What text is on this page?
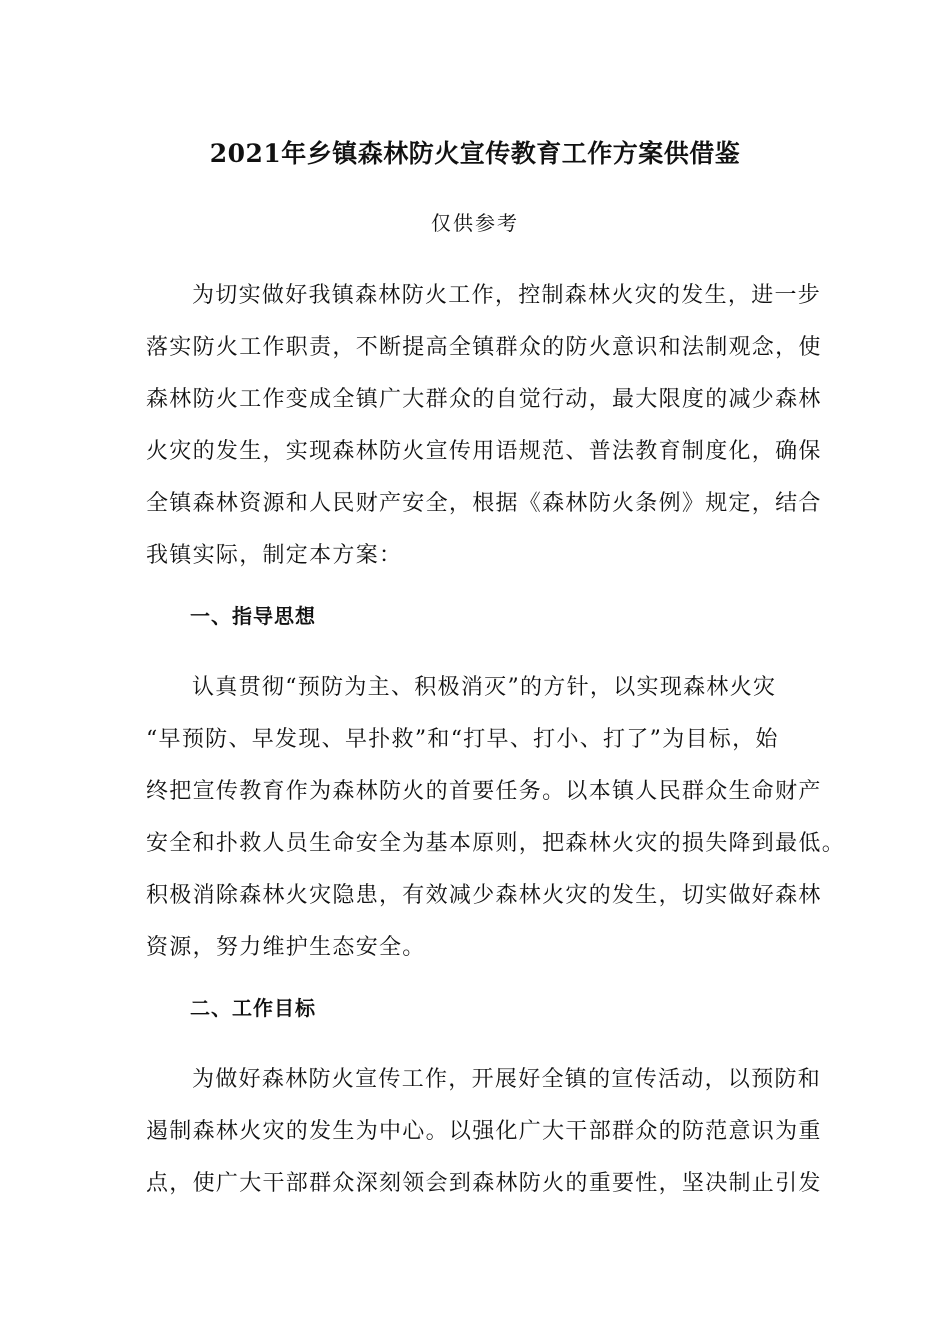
2021年乡镇森林防火宣传教育工作方案供借鉴
仅供参考
为切实做好我镇森林防火工作，控制森林火灾的发生，进一步
落实防火工作职责，不断提高全镇群众的防火意识和法制观念，使
森林防火工作变成全镇广大群众的自觉行动，最大限度的减少森林
火灾的发生，实现森林防火宣传用语规范、普法教育制度化，确保
全镇森林资源和人民财产安全，根据《森林防火条例》规定，结合
我镇实际，制定本方案：
一、指导思想
认真贯彻“预防为主、积极消灭”的方针，以实现森林火灾
“早预防、早发现、早扑救”和“打早、打小、打了”为目标，始
终把宣传教育作为森林防火的首要任务。以本镇人民群众生命财产
安全和扑救人员生命安全为基本原则，把森林火灾的损失降到最低。
积极消除森林火灾隐患，有效减少森林火灾的发生，切实做好森林
资源，努力维护生态安全。
二、工作目标
为做好森林防火宣传工作，开展好全镇的宣传活动，以预防和
遏制森林火灾的发生为中心。以强化广大干部群众的防范意识为重
点，使广大干部群众深刻领会到森林防火的重要性，坚决制止引发
